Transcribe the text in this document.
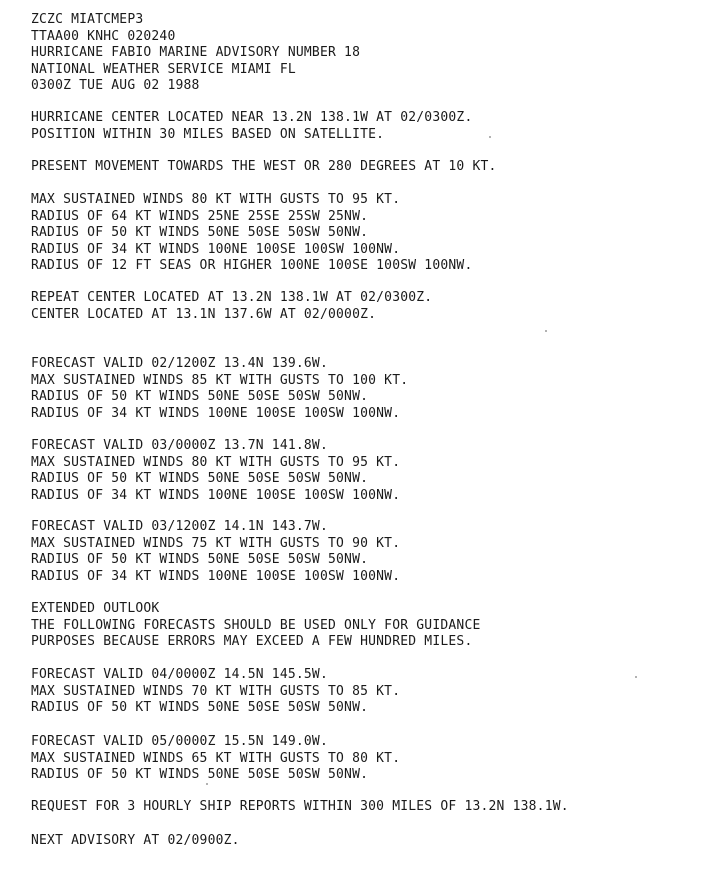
ZCZC MIATCMEP3
TTAA00 KNHC 020240
HURRICANE FABIO MARINE ADVISORY NUMBER 18
NATIONAL WEATHER SERVICE MIAMI FL
0300Z TUE AUG 02 1988
HURRICANE CENTER LOCATED NEAR 13.2N 138.1W AT 02/0300Z.
POSITION WITHIN 30 MILES BASED ON SATELLITE.
PRESENT MOVEMENT TOWARDS THE WEST OR 280 DEGREES AT 10 KT.
MAX SUSTAINED WINDS 80 KT WITH GUSTS TO 95 KT.
RADIUS OF 64 KT WINDS 25NE 25SE 25SW 25NW.
RADIUS OF 50 KT WINDS 50NE 50SE 50SW 50NW.
RADIUS OF 34 KT WINDS 100NE 100SE 100SW 100NW.
RADIUS OF 12 FT SEAS OR HIGHER 100NE 100SE 100SW 100NW.
REPEAT CENTER LOCATED AT 13.2N 138.1W AT 02/0300Z.
CENTER LOCATED AT 13.1N 137.6W AT 02/0000Z.
FORECAST VALID 02/1200Z 13.4N 139.6W.
MAX SUSTAINED WINDS 85 KT WITH GUSTS TO 100 KT.
RADIUS OF 50 KT WINDS 50NE 50SE 50SW 50NW.
RADIUS OF 34 KT WINDS 100NE 100SE 100SW 100NW.
FORECAST VALID 03/0000Z 13.7N 141.8W.
MAX SUSTAINED WINDS 80 KT WITH GUSTS TO 95 KT.
RADIUS OF 50 KT WINDS 50NE 50SE 50SW 50NW.
RADIUS OF 34 KT WINDS 100NE 100SE 100SW 100NW.
FORECAST VALID 03/1200Z 14.1N 143.7W.
MAX SUSTAINED WINDS 75 KT WITH GUSTS TO 90 KT.
RADIUS OF 50 KT WINDS 50NE 50SE 50SW 50NW.
RADIUS OF 34 KT WINDS 100NE 100SE 100SW 100NW.
EXTENDED OUTLOOK
THE FOLLOWING FORECASTS SHOULD BE USED ONLY FOR GUIDANCE
PURPOSES BECAUSE ERRORS MAY EXCEED A FEW HUNDRED MILES.
FORECAST VALID 04/0000Z 14.5N 145.5W.
MAX SUSTAINED WINDS 70 KT WITH GUSTS TO 85 KT.
RADIUS OF 50 KT WINDS 50NE 50SE 50SW 50NW.
FORECAST VALID 05/0000Z 15.5N 149.0W.
MAX SUSTAINED WINDS 65 KT WITH GUSTS TO 80 KT.
RADIUS OF 50 KT WINDS 50NE 50SE 50SW 50NW.
REQUEST FOR 3 HOURLY SHIP REPORTS WITHIN 300 MILES OF 13.2N 138.1W.
NEXT ADVISORY AT 02/0900Z.
